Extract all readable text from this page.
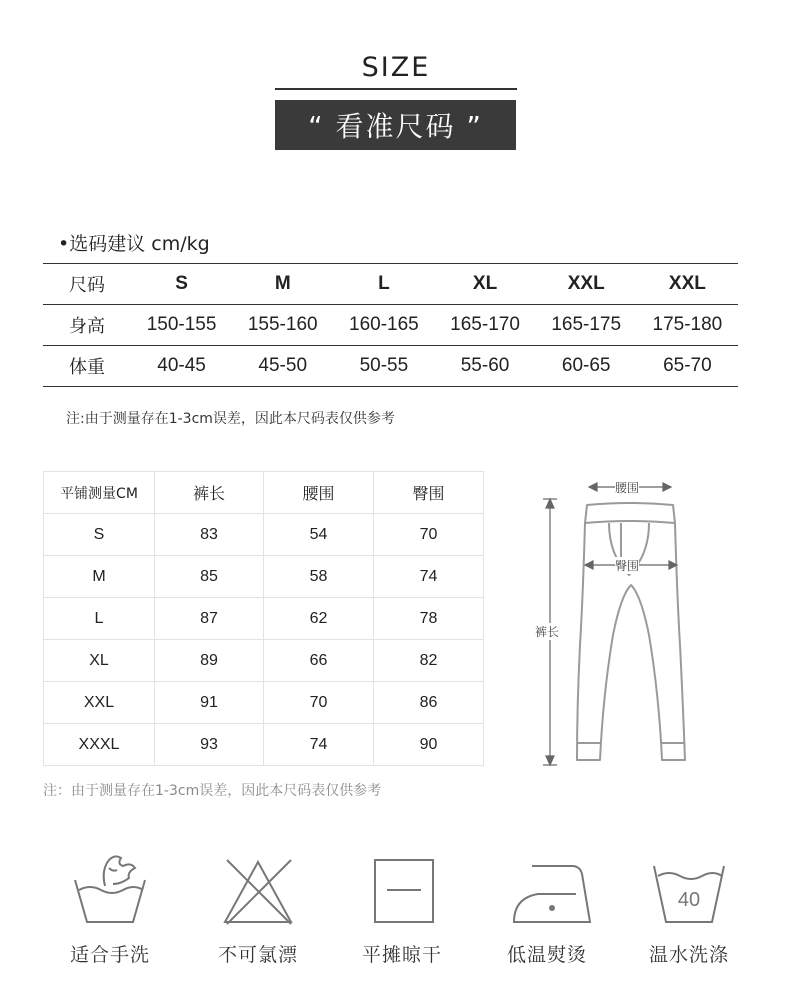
SIZE
“ 看准尺码 ”
•选码建议 cm/kg
尺码	S	M	L	XL	XXL	XXL
身高	150-155	155-160	160-165	165-170	165-175	175-180
体重	40-45	45-50	50-55	55-60	60-65	65-70
注:由于测量存在1-3cm误差，因此本尺码表仅供参考
平铺测量CM	裤长	腰围	臀围
S	83	54	70
M	85	58	74
L	87	62	78
XL	89	66	82
XXL	91	70	86
XXXL	93	74	90
注：由于测量存在1-3cm误差，因此本尺码表仅供参考
腰围
臀围
裤长
适合手洗	不可氯漂	平摊晾干	低温熨烫
40
温水洗涤
